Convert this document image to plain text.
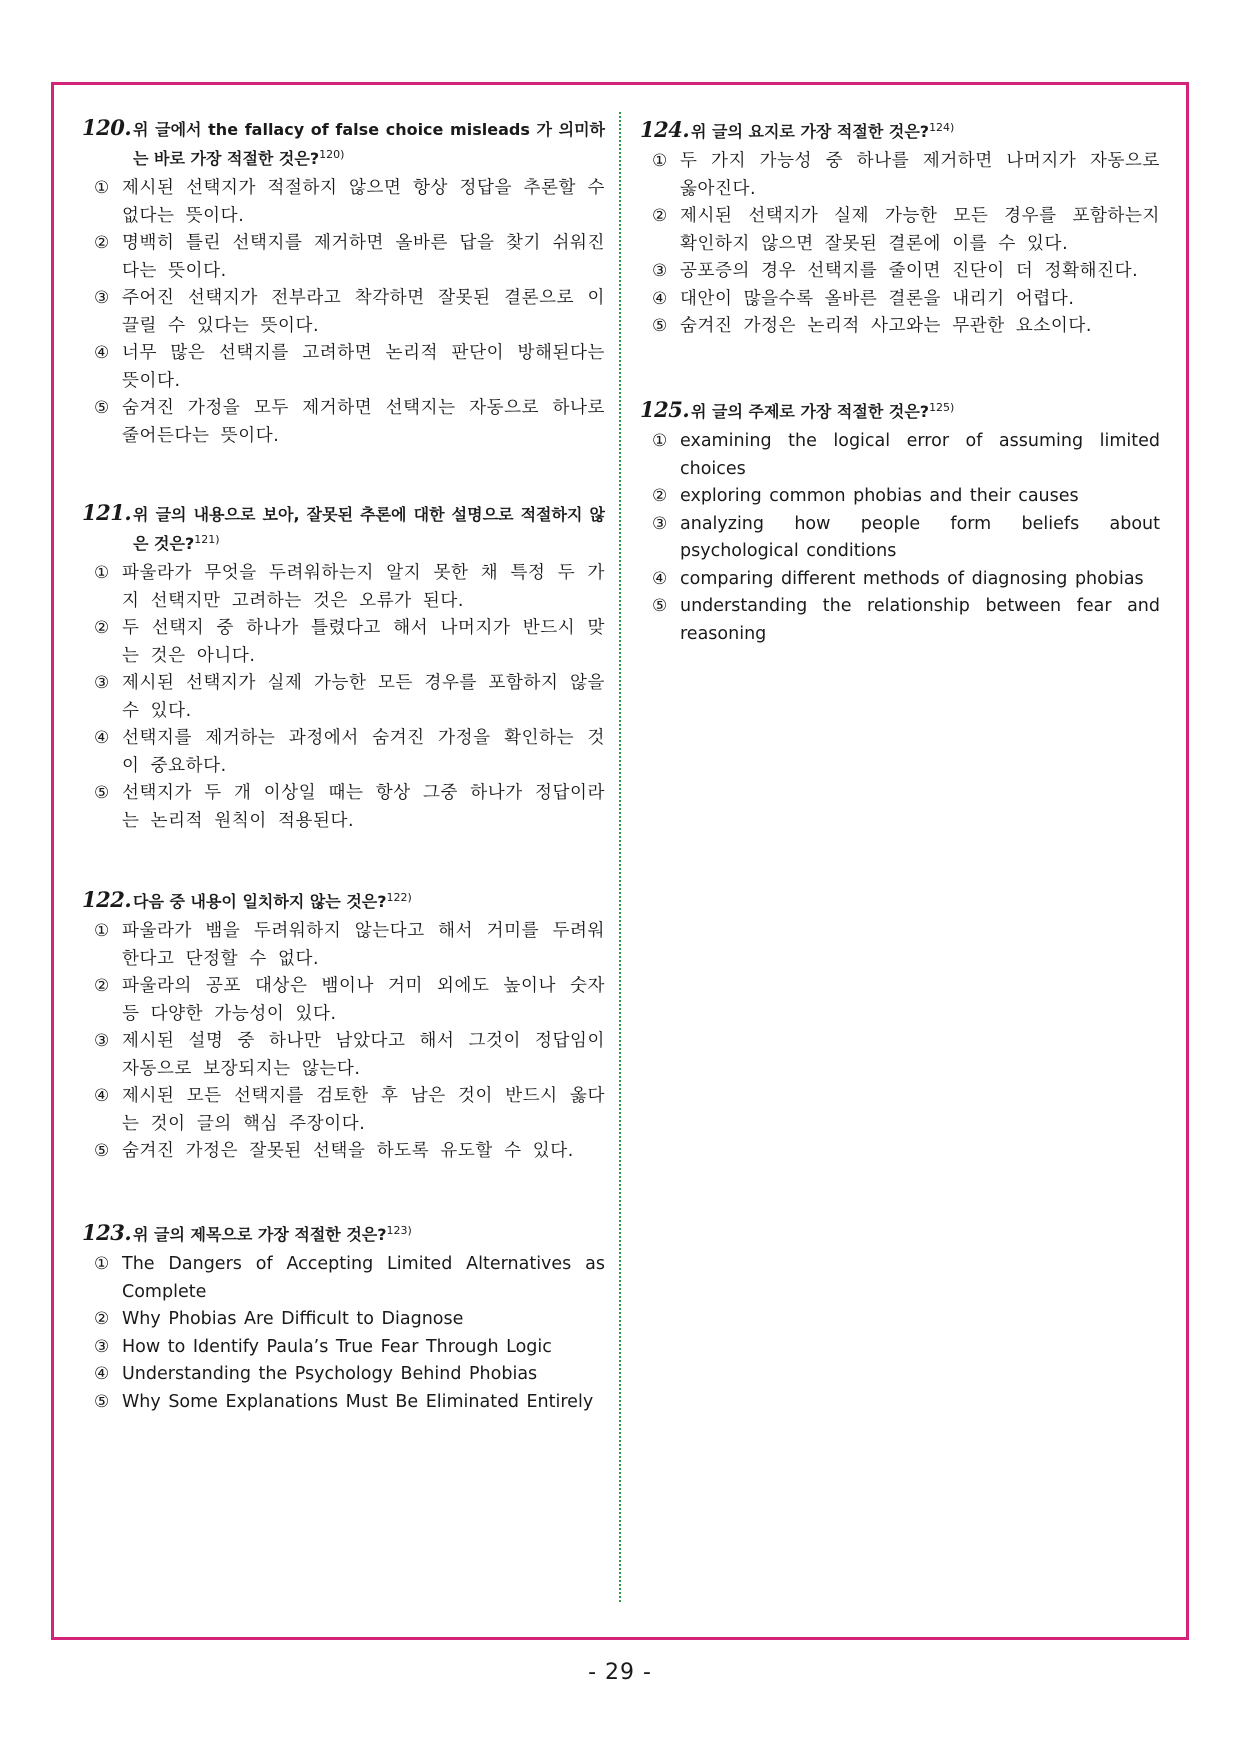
120. 위 글에서 the fallacy of false choice misleads 가 의미하는 바로 가장 적절한 것은?$^{120)}$
① 제시된 선택지가 적절하지 않으면 항상 정답을 추론할 수 없다는 뜻이다.
② 명백히 틀린 선택지를 제거하면 올바른 답을 찾기 쉬워진다는 뜻이다.
③ 주어진 선택지가 전부라고 착각하면 잘못된 결론으로 이끌릴 수 있다는 뜻이다.
④ 너무 많은 선택지를 고려하면 논리적 판단이 방해된다는 뜻이다.
⑤ 숨겨진 가정을 모두 제거하면 선택지는 자동으로 하나로 줄어든다는 뜻이다.
121. 위 글의 내용으로 보아, 잘못된 추론에 대한 설명으로 적절하지 않은 것은?$^{121)}$
① 파울라가 무엇을 두려워하는지 알지 못한 채 특정 두 가지 선택지만 고려하는 것은 오류가 된다.
② 두 선택지 중 하나가 틀렸다고 해서 나머지가 반드시 맞는 것은 아니다.
③ 제시된 선택지가 실제 가능한 모든 경우를 포함하지 않을 수 있다.
④ 선택지를 제거하는 과정에서 숨겨진 가정을 확인하는 것이 중요하다.
⑤ 선택지가 두 개 이상일 때는 항상 그중 하나가 정답이라는 논리적 원칙이 적용된다.
122. 다음 중 내용이 일치하지 않는 것은?$^{122)}$
① 파울라가 뱀을 두려워하지 않는다고 해서 거미를 두려워한다고 단정할 수 없다.
② 파울라의 공포 대상은 뱀이나 거미 외에도 높이나 숫자 등 다양한 가능성이 있다.
③ 제시된 설명 중 하나만 남았다고 해서 그것이 정답임이 자동으로 보장되지는 않는다.
④ 제시된 모든 선택지를 검토한 후 남은 것이 반드시 옳다는 것이 글의 핵심 주장이다.
⑤ 숨겨진 가정은 잘못된 선택을 하도록 유도할 수 있다.
123. 위 글의 제목으로 가장 적절한 것은?$^{123)}$
① The Dangers of Accepting Limited Alternatives as Complete
② Why Phobias Are Difficult to Diagnose
③ How to Identify Paula’s True Fear Through Logic
④ Understanding the Psychology Behind Phobias
⑤ Why Some Explanations Must Be Eliminated Entirely
124. 위 글의 요지로 가장 적절한 것은?$^{124)}$
① 두 가지 가능성 중 하나를 제거하면 나머지가 자동으로 옳아진다.
② 제시된 선택지가 실제 가능한 모든 경우를 포함하는지 확인하지 않으면 잘못된 결론에 이를 수 있다.
③ 공포증의 경우 선택지를 줄이면 진단이 더 정확해진다.
④ 대안이 많을수록 올바른 결론을 내리기 어렵다.
⑤ 숨겨진 가정은 논리적 사고와는 무관한 요소이다.
125. 위 글의 주제로 가장 적절한 것은?$^{125)}$
① examining the logical error of assuming limited choices
② exploring common phobias and their causes
③ analyzing how people form beliefs about psychological conditions
④ comparing different methods of diagnosing phobias
⑤ understanding the relationship between fear and reasoning
- 29 -
